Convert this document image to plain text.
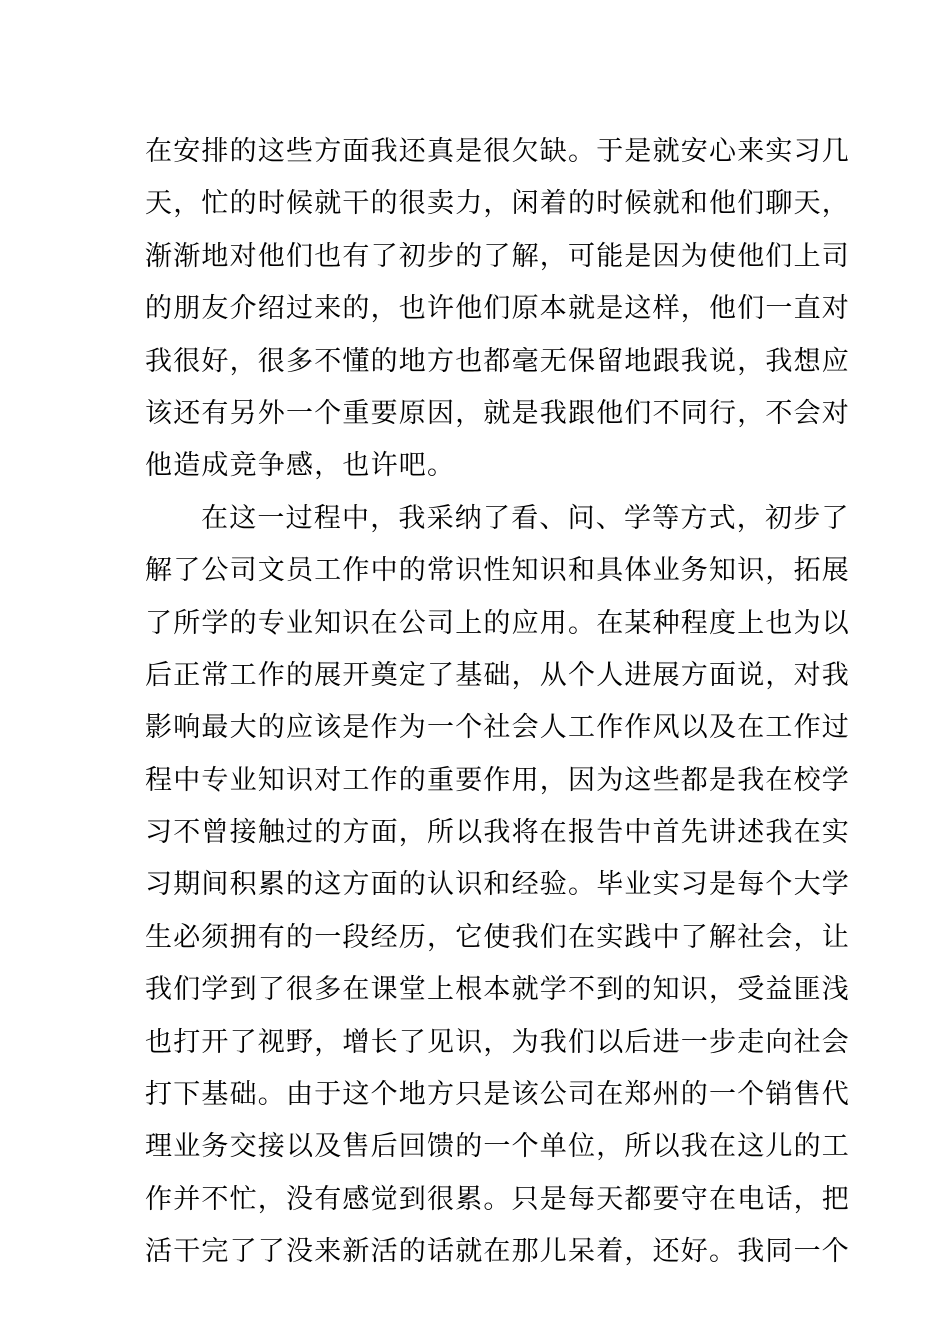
在安排的这些方面我还真是很欠缺。于是就安心来实习几
天，忙的时候就干的很卖力，闲着的时候就和他们聊天，
渐渐地对他们也有了初步的了解，可能是因为使他们上司
的朋友介绍过来的，也许他们原本就是这样，他们一直对
我很好，很多不懂的地方也都毫无保留地跟我说，我想应
该还有另外一个重要原因，就是我跟他们不同行，不会对
他造成竞争感，也许吧。
在这一过程中，我采纳了看、问、学等方式，初步了
解了公司文员工作中的常识性知识和具体业务知识，拓展
了所学的专业知识在公司上的应用。在某种程度上也为以
后正常工作的展开奠定了基础，从个人进展方面说，对我
影响最大的应该是作为一个社会人工作作风以及在工作过
程中专业知识对工作的重要作用，因为这些都是我在校学
习不曾接触过的方面，所以我将在报告中首先讲述我在实
习期间积累的这方面的认识和经验。毕业实习是每个大学
生必须拥有的一段经历，它使我们在实践中了解社会，让
我们学到了很多在课堂上根本就学不到的知识，受益匪浅
也打开了视野，增长了见识，为我们以后进一步走向社会
打下基础。由于这个地方只是该公司在郑州的一个销售代
理业务交接以及售后回馈的一个单位，所以我在这儿的工
作并不忙，没有感觉到很累。只是每天都要守在电话，把
活干完了了没来新活的话就在那儿呆着，还好。我同一个
